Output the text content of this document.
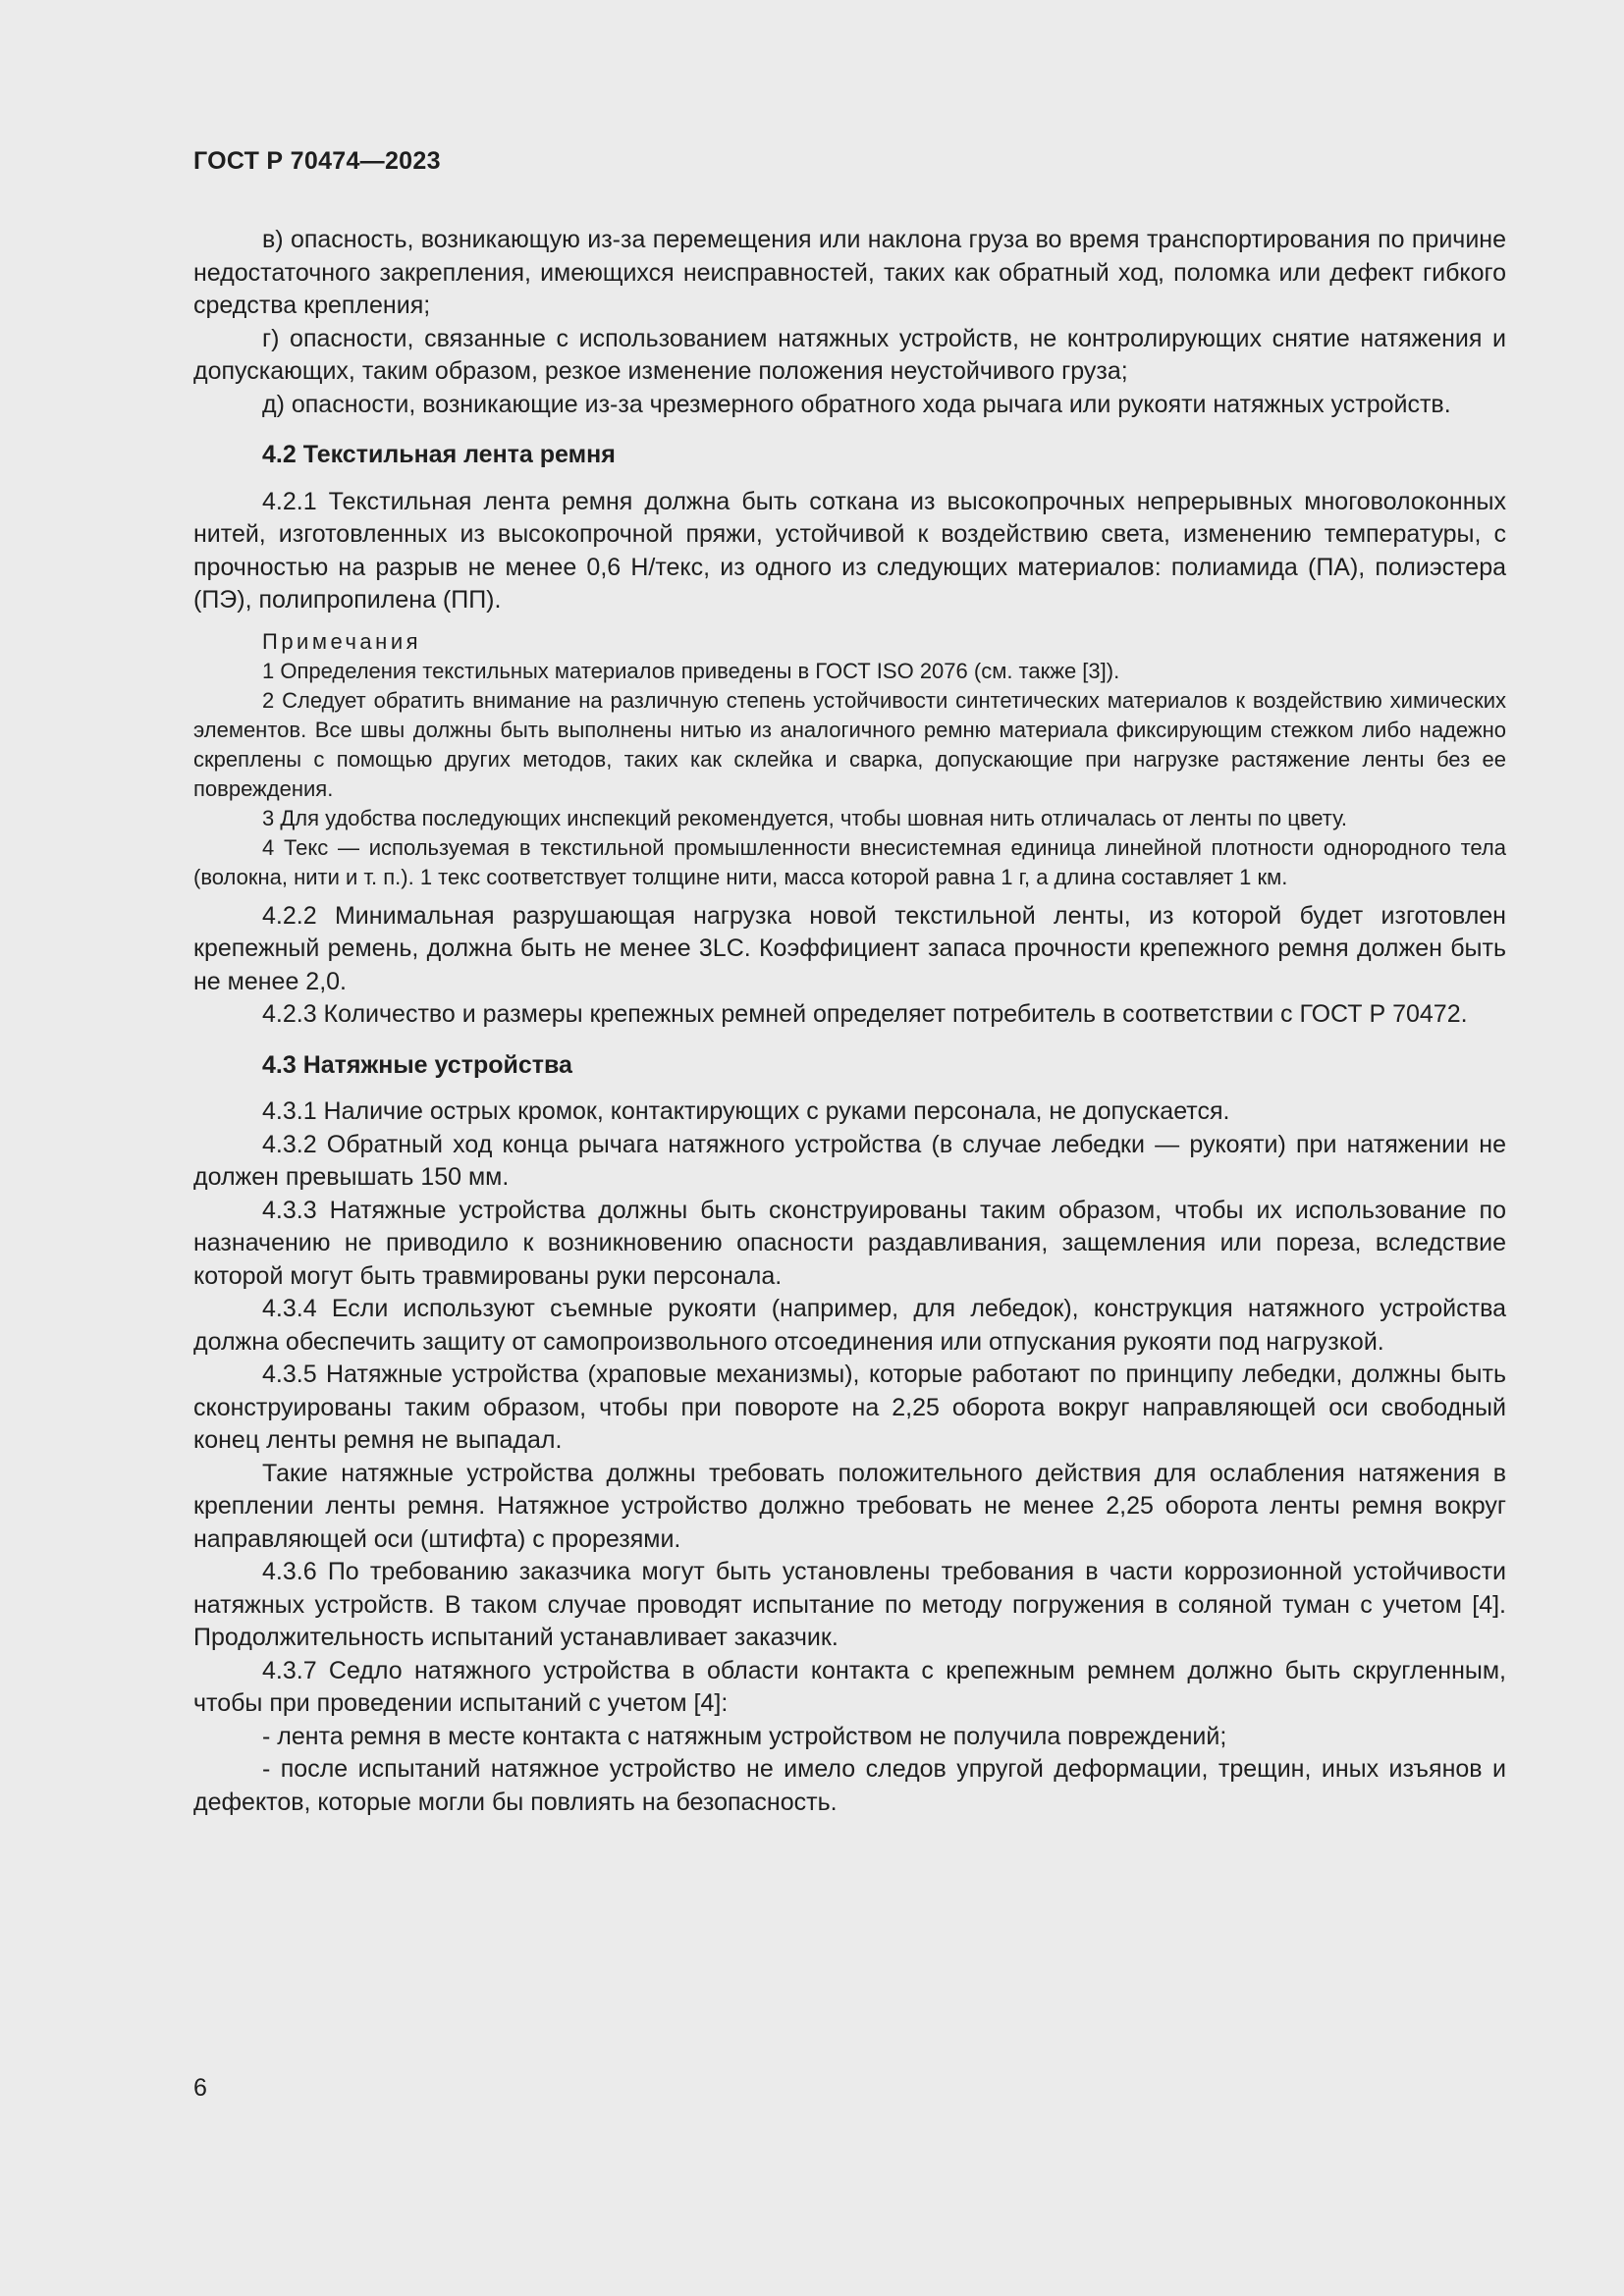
ГОСТ Р 70474—2023

в) опасность, возникающую из-за перемещения или наклона груза во время транспортирования по причине недостаточного закрепления, имеющихся неисправностей, таких как обратный ход, поломка или дефект гибкого средства крепления;

г) опасности, связанные с использованием натяжных устройств, не контролирующих снятие натяжения и допускающих, таким образом, резкое изменение положения неустойчивого груза;

д) опасности, возникающие из-за чрезмерного обратного хода рычага или рукояти натяжных устройств.

4.2 Текстильная лента ремня

4.2.1 Текстильная лента ремня должна быть соткана из высокопрочных непрерывных многоволоконных нитей, изготовленных из высокопрочной пряжи, устойчивой к воздействию света, изменению температуры, с прочностью на разрыв не менее 0,6 Н/текс, из одного из следующих материалов: полиамида (ПА), полиэстера (ПЭ), полипропилена (ПП).

Примечания

1 Определения текстильных материалов приведены в ГОСТ ISO 2076 (см. также [3]).

2 Следует обратить внимание на различную степень устойчивости синтетических материалов к воздействию химических элементов. Все швы должны быть выполнены нитью из аналогичного ремню материала фиксирующим стежком либо надежно скреплены с помощью других методов, таких как склейка и сварка, допускающие при нагрузке растяжение ленты без ее повреждения.

3 Для удобства последующих инспекций рекомендуется, чтобы шовная нить отличалась от ленты по цвету.

4 Текс — используемая в текстильной промышленности внесистемная единица линейной плотности однородного тела (волокна, нити и т. п.). 1 текс соответствует толщине нити, масса которой равна 1 г, а длина составляет 1 км.

4.2.2 Минимальная разрушающая нагрузка новой текстильной ленты, из которой будет изготовлен крепежный ремень, должна быть не менее 3LC. Коэффициент запаса прочности крепежного ремня должен быть не менее 2,0.

4.2.3 Количество и размеры крепежных ремней определяет потребитель в соответствии с ГОСТ Р 70472.

4.3 Натяжные устройства

4.3.1 Наличие острых кромок, контактирующих с руками персонала, не допускается.

4.3.2 Обратный ход конца рычага натяжного устройства (в случае лебедки — рукояти) при натяжении не должен превышать 150 мм.

4.3.3 Натяжные устройства должны быть сконструированы таким образом, чтобы их использование по назначению не приводило к возникновению опасности раздавливания, защемления или пореза, вследствие которой могут быть травмированы руки персонала.

4.3.4 Если используют съемные рукояти (например, для лебедок), конструкция натяжного устройства должна обеспечить защиту от самопроизвольного отсоединения или отпускания рукояти под нагрузкой.

4.3.5 Натяжные устройства (храповые механизмы), которые работают по принципу лебедки, должны быть сконструированы таким образом, чтобы при повороте на 2,25 оборота вокруг направляющей оси свободный конец ленты ремня не выпадал.

Такие натяжные устройства должны требовать положительного действия для ослабления натяжения в креплении ленты ремня. Натяжное устройство должно требовать не менее 2,25 оборота ленты ремня вокруг направляющей оси (штифта) с прорезями.

4.3.6 По требованию заказчика могут быть установлены требования в части коррозионной устойчивости натяжных устройств. В таком случае проводят испытание по методу погружения в соляной туман с учетом [4]. Продолжительность испытаний устанавливает заказчик.

4.3.7 Седло натяжного устройства в области контакта с крепежным ремнем должно быть скругленным, чтобы при проведении испытаний с учетом [4]:

- лента ремня в месте контакта с натяжным устройством не получила повреждений;

- после испытаний натяжное устройство не имело следов упругой деформации, трещин, иных изъянов и дефектов, которые могли бы повлиять на безопасность.

6
